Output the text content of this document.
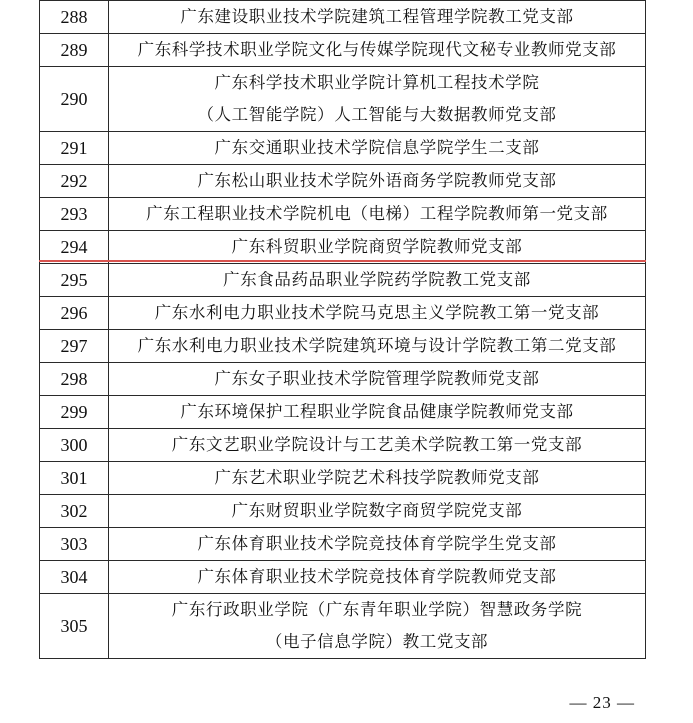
288	广东建设职业技术学院建筑工程管理学院教工党支部

289	广东科学技术职业学院文化与传媒学院现代文秘专业教师党支部

290	广东科学技术职业学院计算机工程技术学院
（人工智能学院）人工智能与大数据教师党支部

291	广东交通职业技术学院信息学院学生二支部

292	广东松山职业技术学院外语商务学院教师党支部

293	广东工程职业技术学院机电（电梯）工程学院教师第一党支部

294	广东科贸职业学院商贸学院教师党支部

295	广东食品药品职业学院药学院教工党支部

296	广东水利电力职业技术学院马克思主义学院教工第一党支部

297	广东水利电力职业技术学院建筑环境与设计学院教工第二党支部

298	广东女子职业技术学院管理学院教师党支部

299	广东环境保护工程职业学院食品健康学院教师党支部

300	广东文艺职业学院设计与工艺美术学院教工第一党支部

301	广东艺术职业学院艺术科技学院教师党支部

302	广东财贸职业学院数字商贸学院党支部

303	广东体育职业技术学院竞技体育学院学生党支部

304	广东体育职业技术学院竞技体育学院教师党支部

305	广东行政职业学院（广东青年职业学院）智慧政务学院
（电子信息学院）教工党支部
— 23 —
